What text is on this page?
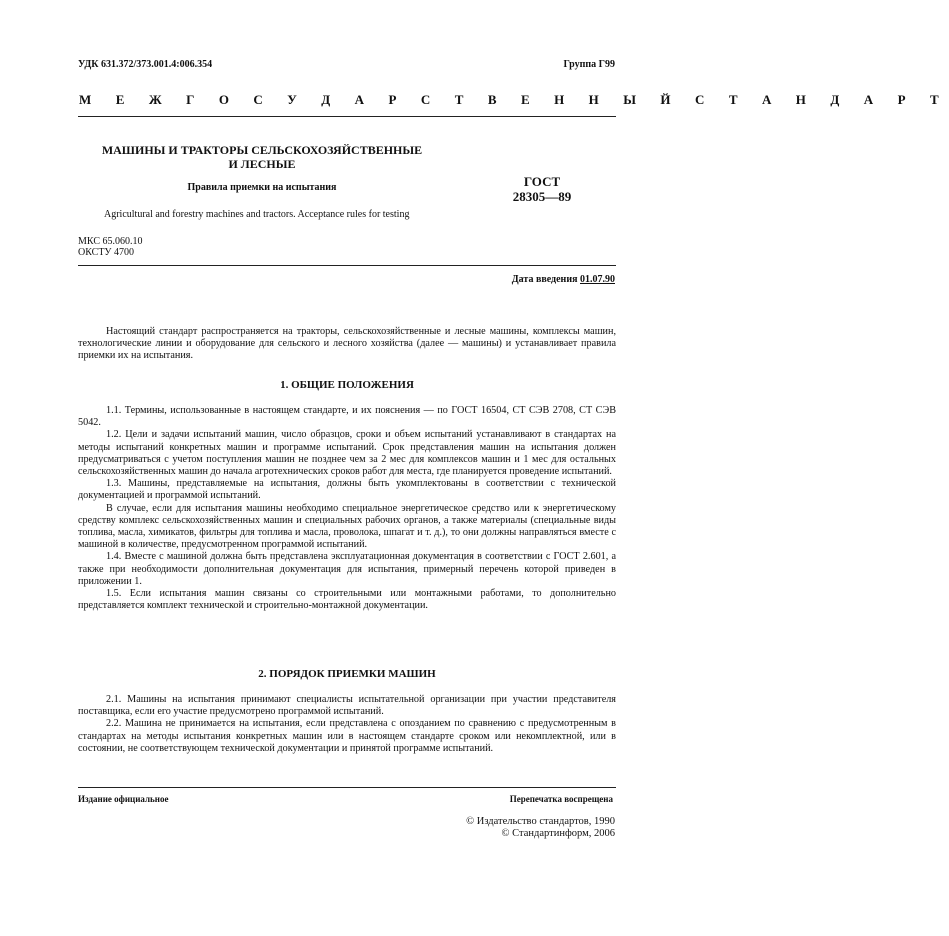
УДК 631.372/373.001.4:006.354	Группа Г99
М Е Ж Г О С У Д А Р С Т В Е Н Н Ы Й С Т А Н Д А Р Т
МАШИНЫ И ТРАКТОРЫ СЕЛЬСКОХОЗЯЙСТВЕННЫЕ
И ЛЕСНЫЕ
Правила приемки на испытания
Agricultural and forestry machines and tractors. Acceptance rules for testing
ГОСТ
28305—89
МКС 65.060.10
ОКСТУ 4700
Дата введения 01.07.90

Настоящий стандарт распространяется на тракторы, сельскохозяйственные и лесные машины, комплексы машин, технологические линии и оборудование для сельского и лесного хозяйства (далее — машины) и устанавливает правила приемки их на испытания.

1. ОБЩИЕ ПОЛОЖЕНИЯ

1.1. Термины, использованные в настоящем стандарте, и их пояснения — по ГОСТ 16504, СТ СЭВ 2708, СТ СЭВ 5042.

1.2. Цели и задачи испытаний машин, число образцов, сроки и объем испытаний устанавливают в стандартах на методы испытаний конкретных машин и программе испытаний. Срок представления машин на испытания должен предусматриваться с учетом поступления машин не позднее чем за 2 мес для комплексов машин и 1 мес для остальных сельскохозяйственных машин до начала агротехнических сроков работ для места, где планируется проведение испытаний.

1.3. Машины, представляемые на испытания, должны быть укомплектованы в соответствии с технической документацией и программой испытаний.

В случае, если для испытания машины необходимо специальное энергетическое средство или к энергетическому средству комплекс сельскохозяйственных машин и специальных рабочих органов, а также материалы (специальные виды топлива, масла, химикатов, фильтры для топлива и масла, проволока, шпагат и т. д.), то они должны направляться вместе с машиной в количестве, предусмотренном программой испытаний.

1.4. Вместе с машиной должна быть представлена эксплуатационная документация в соответствии с ГОСТ 2.601, а также при необходимости дополнительная документация для испытания, примерный перечень которой приведен в приложении 1.

1.5. Если испытания машин связаны со строительными или монтажными работами, то дополнительно представляется комплект технической и строительно-монтажной документации.

2. ПОРЯДОК ПРИЕМКИ МАШИН

2.1. Машины на испытания принимают специалисты испытательной организации при участии представителя поставщика, если его участие предусмотрено программой испытаний.

2.2. Машина не принимается на испытания, если представлена с опозданием по сравнению с предусмотренным в стандартах на методы испытания конкретных машин или в настоящем стандарте сроком или некомплектной, или в состоянии, не соответствующем технической документации и принятой программе испытаний.

Издание официальное	Перепечатка воспрещена
© Издательство стандартов, 1990
© Стандартинформ, 2006
